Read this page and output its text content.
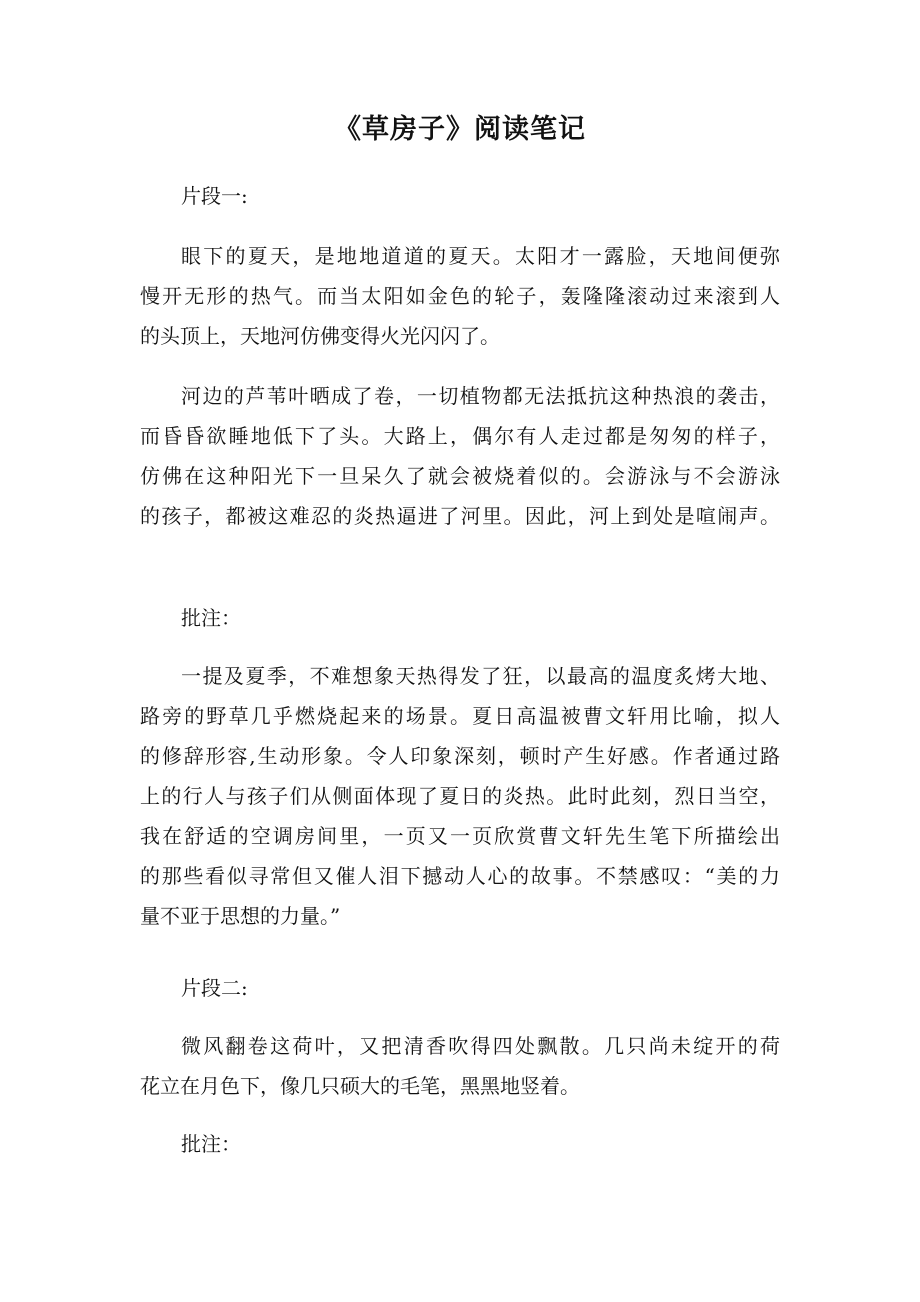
《草房子》阅读笔记
片段一:
眼下的夏天，是地地道道的夏天。太阳才一露脸，天地间便弥
慢开无形的热气。而当太阳如金色的轮子，轰隆隆滚动过来滚到人
的头顶上，天地河仿佛变得火光闪闪了。
河边的芦苇叶晒成了卷，一切植物都无法抵抗这种热浪的袭击，
而昏昏欲睡地低下了头。大路上，偶尔有人走过都是匆匆的样子，
仿佛在这种阳光下一旦呆久了就会被烧着似的。会游泳与不会游泳
的孩子，都被这难忍的炎热逼进了河里。因此，河上到处是喧闹声。
批注：
一提及夏季，不难想象天热得发了狂，以最高的温度炙烤大地、
路旁的野草几乎燃烧起来的场景。夏日高温被曹文轩用比喻，拟人
的修辞形容,生动形象。令人印象深刻，顿时产生好感。作者通过路
上的行人与孩子们从侧面体现了夏日的炎热。此时此刻，烈日当空，
我在舒适的空调房间里，一页又一页欣赏曹文轩先生笔下所描绘出
的那些看似寻常但又催人泪下撼动人心的故事。不禁感叹：“美的力
量不亚于思想的力量。”
片段二:
微风翻卷这荷叶，又把清香吹得四处飘散。几只尚未绽开的荷
花立在月色下，像几只硕大的毛笔，黑黑地竖着。
批注：
